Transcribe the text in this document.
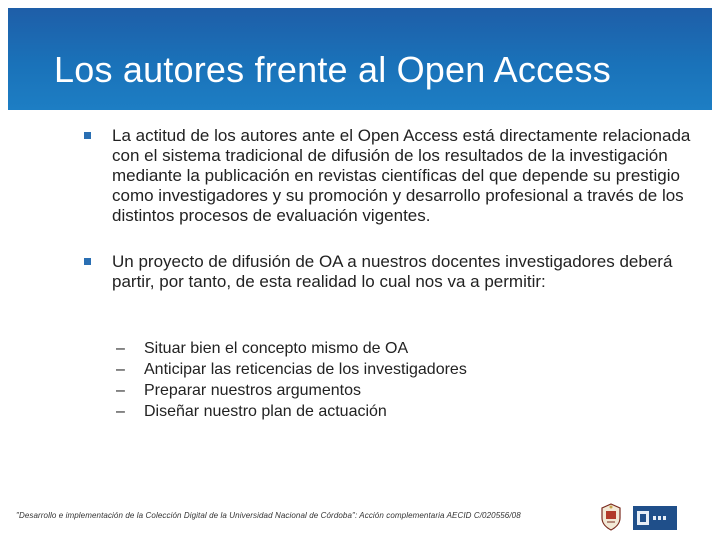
Los autores frente al Open Access
La actitud de los autores ante el Open Access está directamente relacionada con el sistema tradicional de difusión de los resultados de la investigación mediante la publicación en revistas científicas del que depende su prestigio como investigadores y su promoción y desarrollo profesional a través de los distintos procesos de evaluación vigentes.
Un proyecto de difusión de OA a nuestros docentes investigadores deberá partir, por tanto, de esta realidad lo cual nos va a permitir:
– Situar bien el concepto mismo de OA
– Anticipar las reticencias de los investigadores
– Preparar nuestros argumentos
– Diseñar nuestro plan de actuación
"Desarrollo e implementación de la Colección Digital de la Universidad Nacional de Córdoba": Acción complementaria AECID C/020556/08
